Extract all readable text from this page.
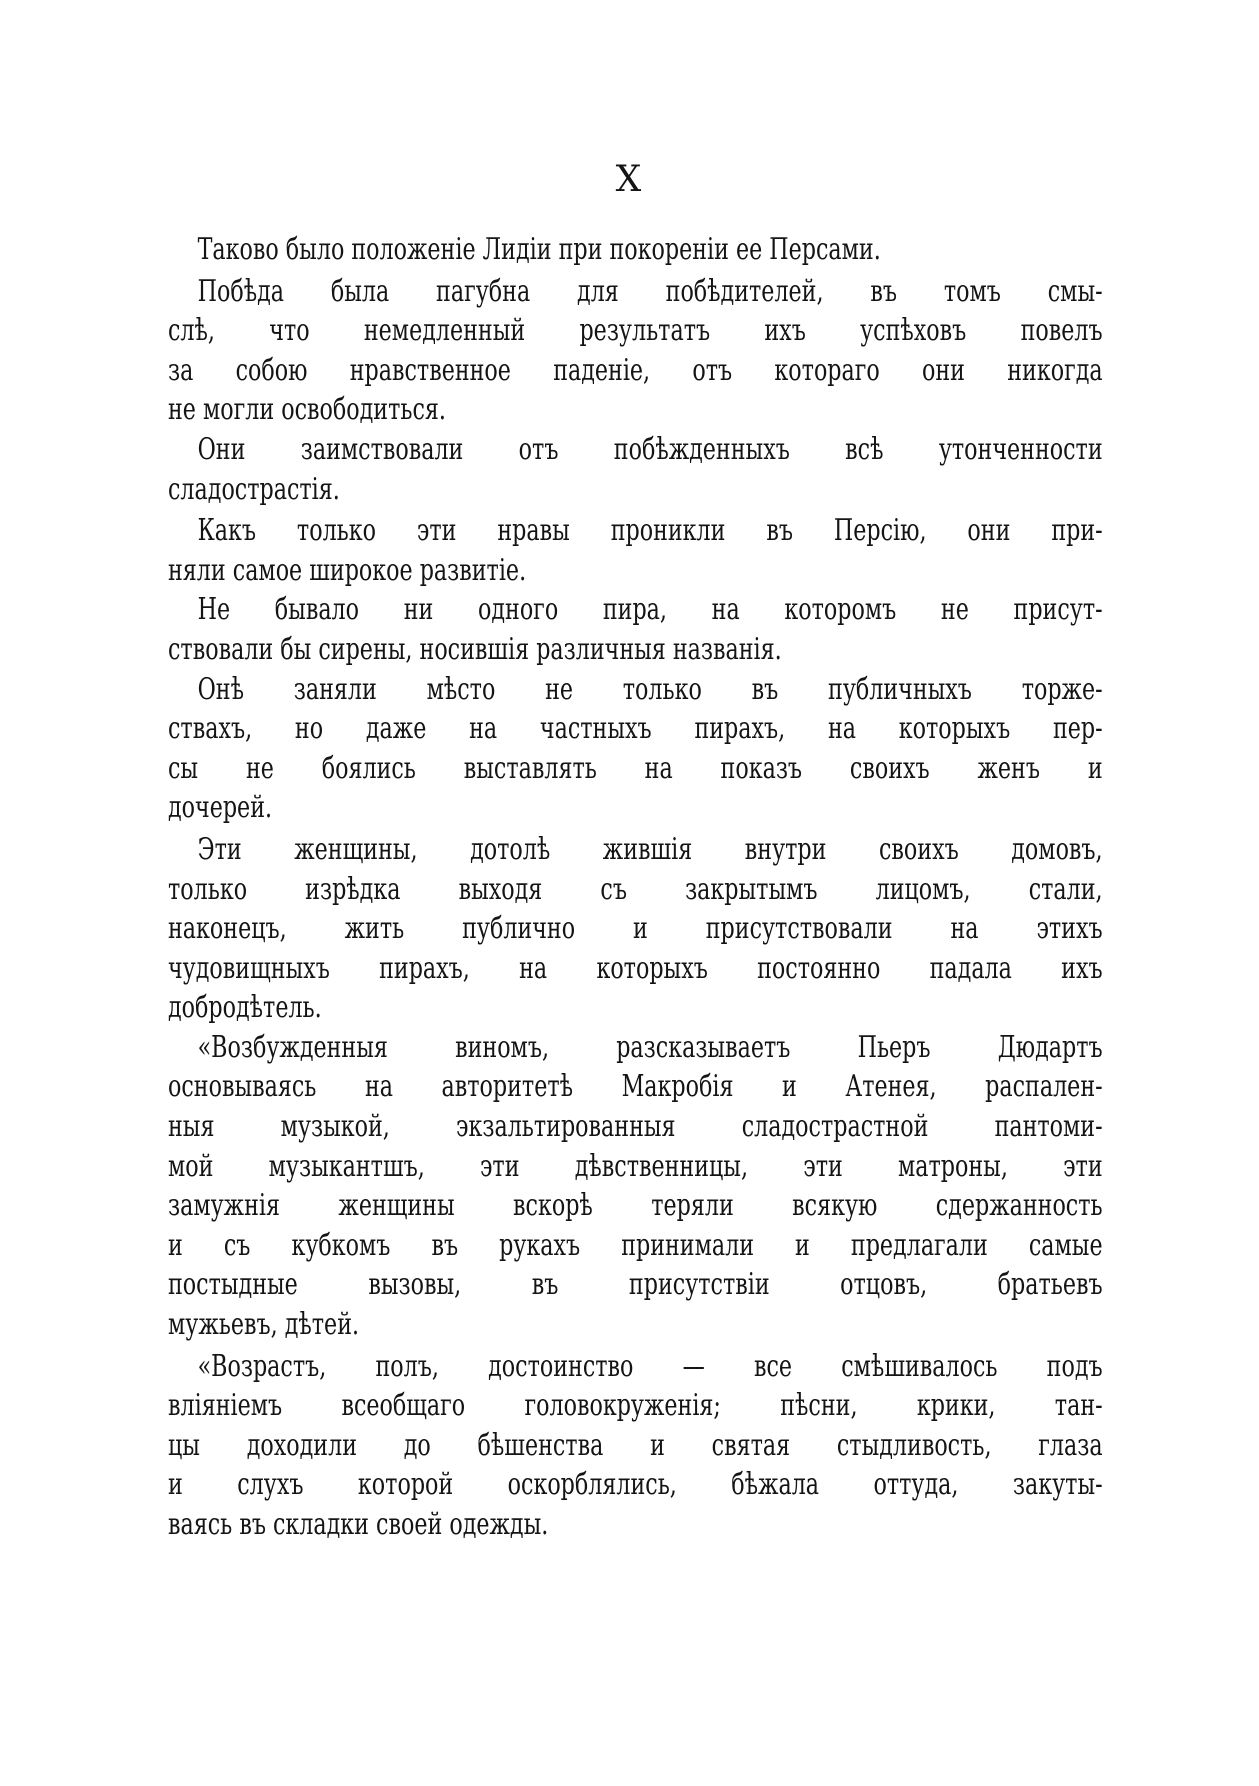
X
Таково было положеніе Лидіи при покореніи ее Персами.
Побѣда была пагубна для побѣдителей, въ томъ смы-
слѣ, что немедленный результатъ ихъ успѣховъ повелъ
за собою нравственное паденіе, отъ котораго они никогда
не могли освободиться.
Они заимствовали отъ побѣжденныхъ всѣ утонченности
сладострастія.
Какъ только эти нравы проникли въ Персію, они при-
няли самое широкое развитіе.
Не бывало ни одного пира, на которомъ не присут-
ствовали бы сирены, носившія различныя названія.
Онѣ заняли мѣсто не только въ публичныхъ торже-
ствахъ, но даже на частныхъ пирахъ, на которыхъ пер-
сы не боялись выставлять на показъ своихъ женъ и
дочерей.
Эти женщины, дотолѣ жившія внутри своихъ домовъ,
только изрѣдка выходя съ закрытымъ лицомъ, стали,
наконецъ, жить публично и присутствовали на этихъ
чудовищныхъ пирахъ, на которыхъ постоянно падала ихъ
добродѣтель.
«Возбужденныя виномъ, разсказываетъ Пьеръ Дюдартъ
основываясь на авторитетѣ Макробія и Атенея, распален-
ныя музыкой, экзальтированныя сладострастной пантоми-
мой музыкантшъ, эти дѣвственницы, эти матроны, эти
замужнія женщины вскорѣ теряли всякую сдержанность
и съ кубкомъ въ рукахъ принимали и предлагали самые
постыдные вызовы, въ присутствіи отцовъ, братьевъ
мужьевъ, дѣтей.
«Возрастъ, полъ, достоинство — все смѣшивалось подъ
вліяніемъ всеобщаго головокруженія; пѣсни, крики, тан-
цы доходили до бѣшенства и святая стыдливость, глаза
и слухъ которой оскорблялись, бѣжала оттуда, закуты-
ваясь въ складки своей одежды.
